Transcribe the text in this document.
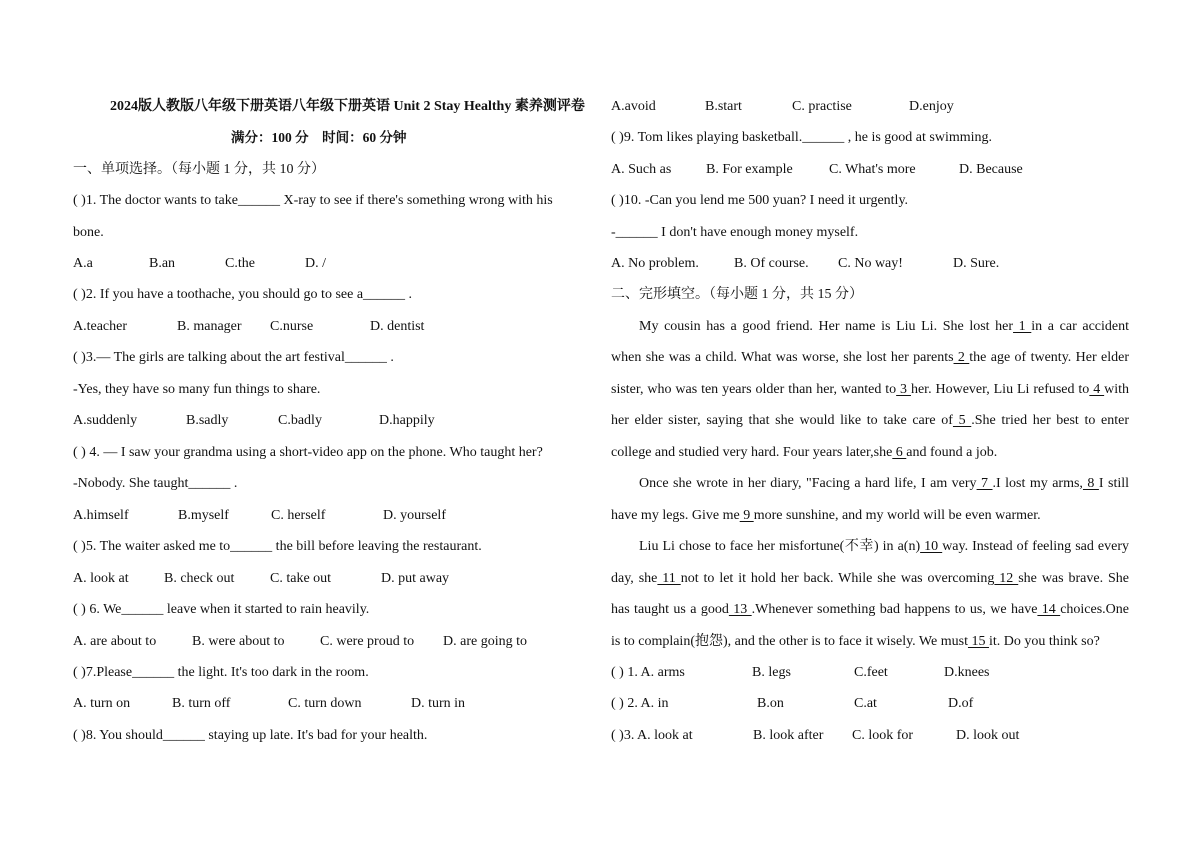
2024版人教版八年级下册英语八年级下册英语 Unit 2 Stay Healthy 素养测评卷
满分：100 分　时间：60 分钟
一、单项选择。（每小题 1 分，共 10 分）
( )1. The doctor wants to take______ X-ray to see if there's something wrong with his
bone.
A.a	B.an	C.the	D. /
( )2. If you have a toothache, you should go to see a______ .
A.teacher	B. manager	C.nurse	D. dentist
( )3.— The girls are talking about the art festival______ .
-Yes, they have so many fun things to share.
A.suddenly	B.sadly	C.badly	D.happily
( ) 4. — I saw your grandma using a short-video app on the phone. Who taught her?
-Nobody. She taught______ .
A.himself	B.myself	C. herself	D. yourself
( )5. The waiter asked me to______ the bill before leaving the restaurant.
A. look at	B. check out	C. take out	D. put away
( ) 6. We______ leave when it started to rain heavily.
A. are about to	B. were about to	C. were proud to	D. are going to
( )7.Please______ the light. It's too dark in the room.
A. turn on	B. turn off	C. turn down	D. turn in
( )8. You should______ staying up late. It's bad for your health.
A.avoid	B.start	C. practise	D.enjoy
( )9. Tom likes playing basketball.______ , he is good at swimming.
A. Such as	B. For example	C. What's more	D. Because
( )10. -Can you lend me 500 yuan? I need it urgently.
-______ I don't have enough money myself.
A. No problem.	B. Of course.	C. No way!	D. Sure.
二、完形填空。（每小题 1 分，共 15 分）
My cousin has a good friend. Her name is Liu Li. She lost her 1 in a car accident
when she was a child. What was worse, she lost her parents 2 the age of twenty. Her elder
sister, who was ten years older than her, wanted to 3 her. However, Liu Li refused to 4 with
her elder sister, saying that she would like to take care of 5 .She tried her best to enter
college and studied very hard. Four years later,she 6 and found a job.
Once she wrote in her diary, "Facing a hard life, I am very 7 .I lost my arms, 8 I still
have my legs. Give me 9 more sunshine, and my world will be even warmer.
Liu Li chose to face her misfortune(不幸) in a(n) 10 way. Instead of feeling sad every
day, she 11 not to let it hold her back. While she was overcoming 12 she was brave. She
has taught us a good 13 .Whenever something bad happens to us, we have 14 choices.One
is to complain(抱怨), and the other is to face it wisely. We must 15 it. Do you think so?
( ) 1. A. arms	B. legs	C.feet	D.knees
( ) 2. A. in	B.on	C.at	D.of
( )3. A. look at	B. look after	C. look for	D. look out
